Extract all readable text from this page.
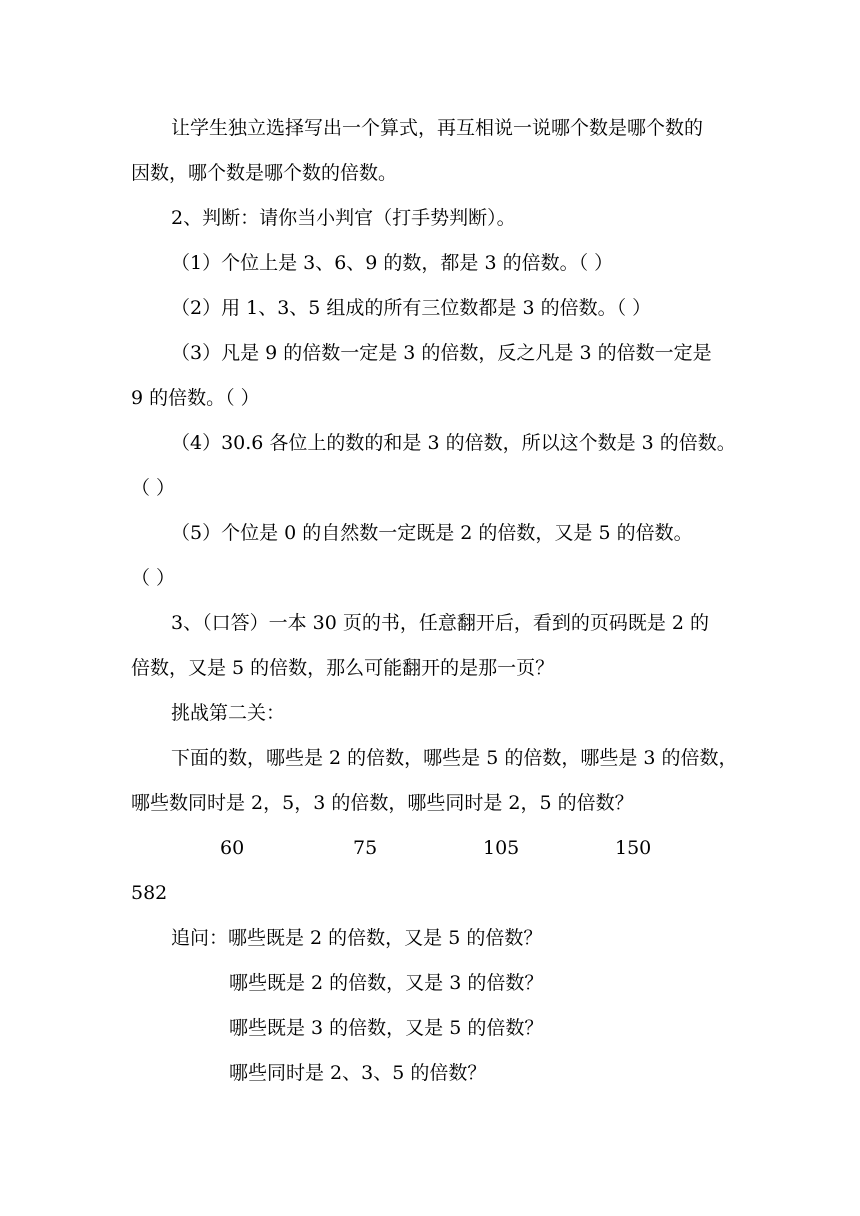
让学生独立选择写出一个算式，再互相说一说哪个数是哪个数的
因数，哪个数是哪个数的倍数。
2、判断：请你当小判官（打手势判断）。
（1）个位上是 3、6、9 的数，都是 3 的倍数。（ ）
（2）用 1、3、5 组成的所有三位数都是 3 的倍数。（ ）
（3）凡是 9 的倍数一定是 3 的倍数，反之凡是 3 的倍数一定是
9 的倍数。（ ）
（4）30.6 各位上的数的和是 3 的倍数，所以这个数是 3 的倍数。
（ ）
（5）个位是 0 的自然数一定既是 2 的倍数，又是 5 的倍数。
（ ）
3、（口答）一本 30 页的书，任意翻开后，看到的页码既是 2 的
倍数，又是 5 的倍数，那么可能翻开的是那一页？
挑战第二关：
下面的数，哪些是 2 的倍数，哪些是 5 的倍数，哪些是 3 的倍数，
哪些数同时是 2，5，3 的倍数，哪些同时是 2，5 的倍数？
60	75	105	150
582
追问：哪些既是 2 的倍数，又是 5 的倍数？
哪些既是 2 的倍数，又是 3 的倍数？
哪些既是 3 的倍数，又是 5 的倍数？
哪些同时是 2、3、5 的倍数？
